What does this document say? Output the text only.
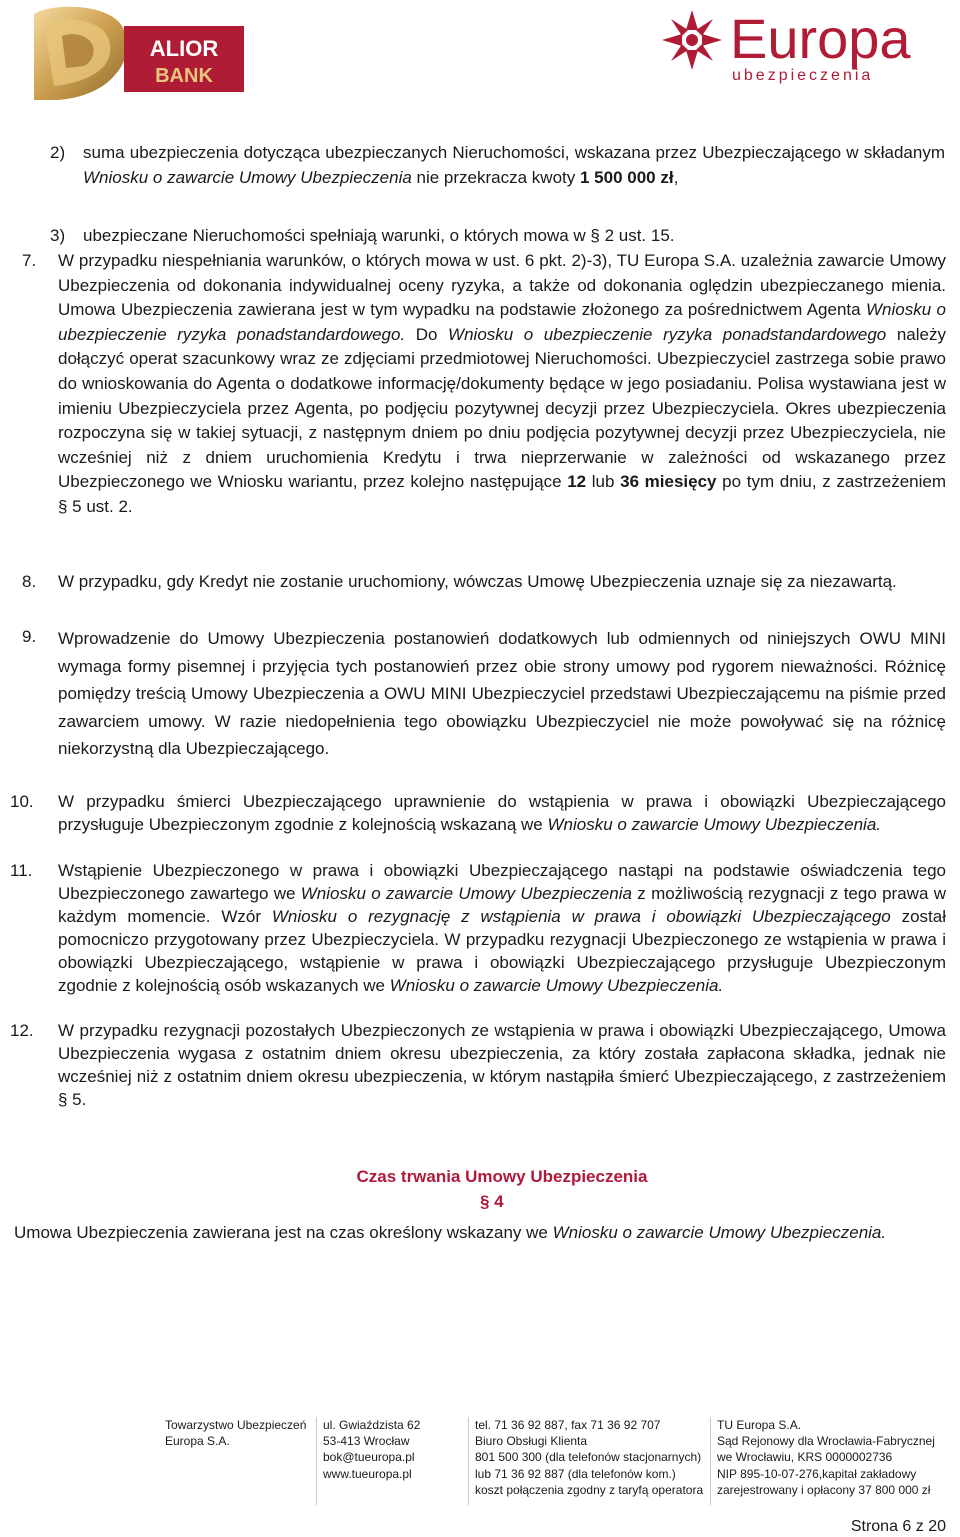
ALIOR
BANK
Europa
ubezpieczenia
2) suma ubezpieczenia dotycząca ubezpieczanych Nieruchomości, wskazana przez Ubezpieczającego w składanym Wniosku o zawarcie Umowy Ubezpieczenia nie przekracza kwoty 1 500 000 zł,

3) ubezpieczane Nieruchomości spełniają warunki, o których mowa w § 2 ust. 15.

7. W przypadku niespełniania warunków, o których mowa w ust. 6 pkt. 2)-3), TU Europa S.A. uzależnia zawarcie Umowy Ubezpieczenia od dokonania indywidualnej oceny ryzyka, a także od dokonania oględzin ubezpieczanego mienia. Umowa Ubezpieczenia zawierana jest w tym wypadku na podstawie złożonego za pośrednictwem Agenta Wniosku o ubezpieczenie ryzyka ponadstandardowego. Do Wniosku o ubezpieczenie ryzyka ponadstandardowego należy dołączyć operat szacunkowy wraz ze zdjęciami przedmiotowej Nieruchomości. Ubezpieczyciel zastrzega sobie prawo do wnioskowania do Agenta o dodatkowe informację/dokumenty będące w jego posiadaniu. Polisa wystawiana jest w imieniu Ubezpieczyciela przez Agenta, po podjęciu pozytywnej decyzji przez Ubezpieczyciela. Okres ubezpieczenia rozpoczyna się w takiej sytuacji, z następnym dniem po dniu podjęcia pozytywnej decyzji przez Ubezpieczyciela, nie wcześniej niż z dniem uruchomienia Kredytu i trwa nieprzerwanie w zależności od wskazanego przez Ubezpieczonego we Wniosku wariantu, przez kolejno następujące 12 lub 36 miesięcy po tym dniu, z zastrzeżeniem § 5 ust. 2.

8. W przypadku, gdy Kredyt nie zostanie uruchomiony, wówczas Umowę Ubezpieczenia uznaje się za niezawartą.

9. Wprowadzenie do Umowy Ubezpieczenia postanowień dodatkowych lub odmiennych od niniejszych OWU MINI wymaga formy pisemnej i przyjęcia tych postanowień przez obie strony umowy pod rygorem nieważności. Różnicę pomiędzy treścią Umowy Ubezpieczenia a OWU MINI Ubezpieczyciel przedstawi Ubezpieczającemu na piśmie przed zawarciem umowy. W razie niedopełnienia tego obowiązku Ubezpieczyciel nie może powoływać się na różnicę niekorzystną dla Ubezpieczającego.

10. W przypadku śmierci Ubezpieczającego uprawnienie do wstąpienia w prawa i obowiązki Ubezpieczającego przysługuje Ubezpieczonym zgodnie z kolejnością wskazaną we Wniosku o zawarcie Umowy Ubezpieczenia.

11. Wstąpienie Ubezpieczonego w prawa i obowiązki Ubezpieczającego nastąpi na podstawie oświadczenia tego Ubezpieczonego zawartego we Wniosku o zawarcie Umowy Ubezpieczenia z możliwością rezygnacji z tego prawa w każdym momencie. Wzór Wniosku o rezygnację z wstąpienia w prawa i obowiązki Ubezpieczającego został pomocniczo przygotowany przez Ubezpieczyciela. W przypadku rezygnacji Ubezpieczonego ze wstąpienia w prawa i obowiązki Ubezpieczającego, wstąpienie w prawa i obowiązki Ubezpieczającego przysługuje Ubezpieczonym zgodnie z kolejnością osób wskazanych we Wniosku o zawarcie Umowy Ubezpieczenia.

12. W przypadku rezygnacji pozostałych Ubezpieczonych ze wstąpienia w prawa i obowiązki Ubezpieczającego, Umowa Ubezpieczenia wygasa z ostatnim dniem okresu ubezpieczenia, za który została zapłacona składka, jednak nie wcześniej niż z ostatnim dniem okresu ubezpieczenia, w którym nastąpiła śmierć Ubezpieczającego, z zastrzeżeniem § 5.

Czas trwania Umowy Ubezpieczenia
§ 4

Umowa Ubezpieczenia zawierana jest na czas określony wskazany we Wniosku o zawarcie Umowy Ubezpieczenia.

Towarzystwo Ubezpieczeń
Europa S.A.
ul. Gwiaździsta 62
53-413 Wrocław
bok@tueuropa.pl
www.tueuropa.pl
tel. 71 36 92 887, fax 71 36 92 707
Biuro Obsługi Klienta
801 500 300 (dla telefonów stacjonarnych)
lub 71 36 92 887 (dla telefonów kom.)
koszt połączenia zgodny z taryfą operatora
TU Europa S.A.
Sąd Rejonowy dla Wrocławia-Fabrycznej
we Wrocławiu, KRS 0000002736
NIP 895-10-07-276,kapitał zakładowy
zarejestrowany i opłacony 37 800 000 zł
Strona 6 z 20
